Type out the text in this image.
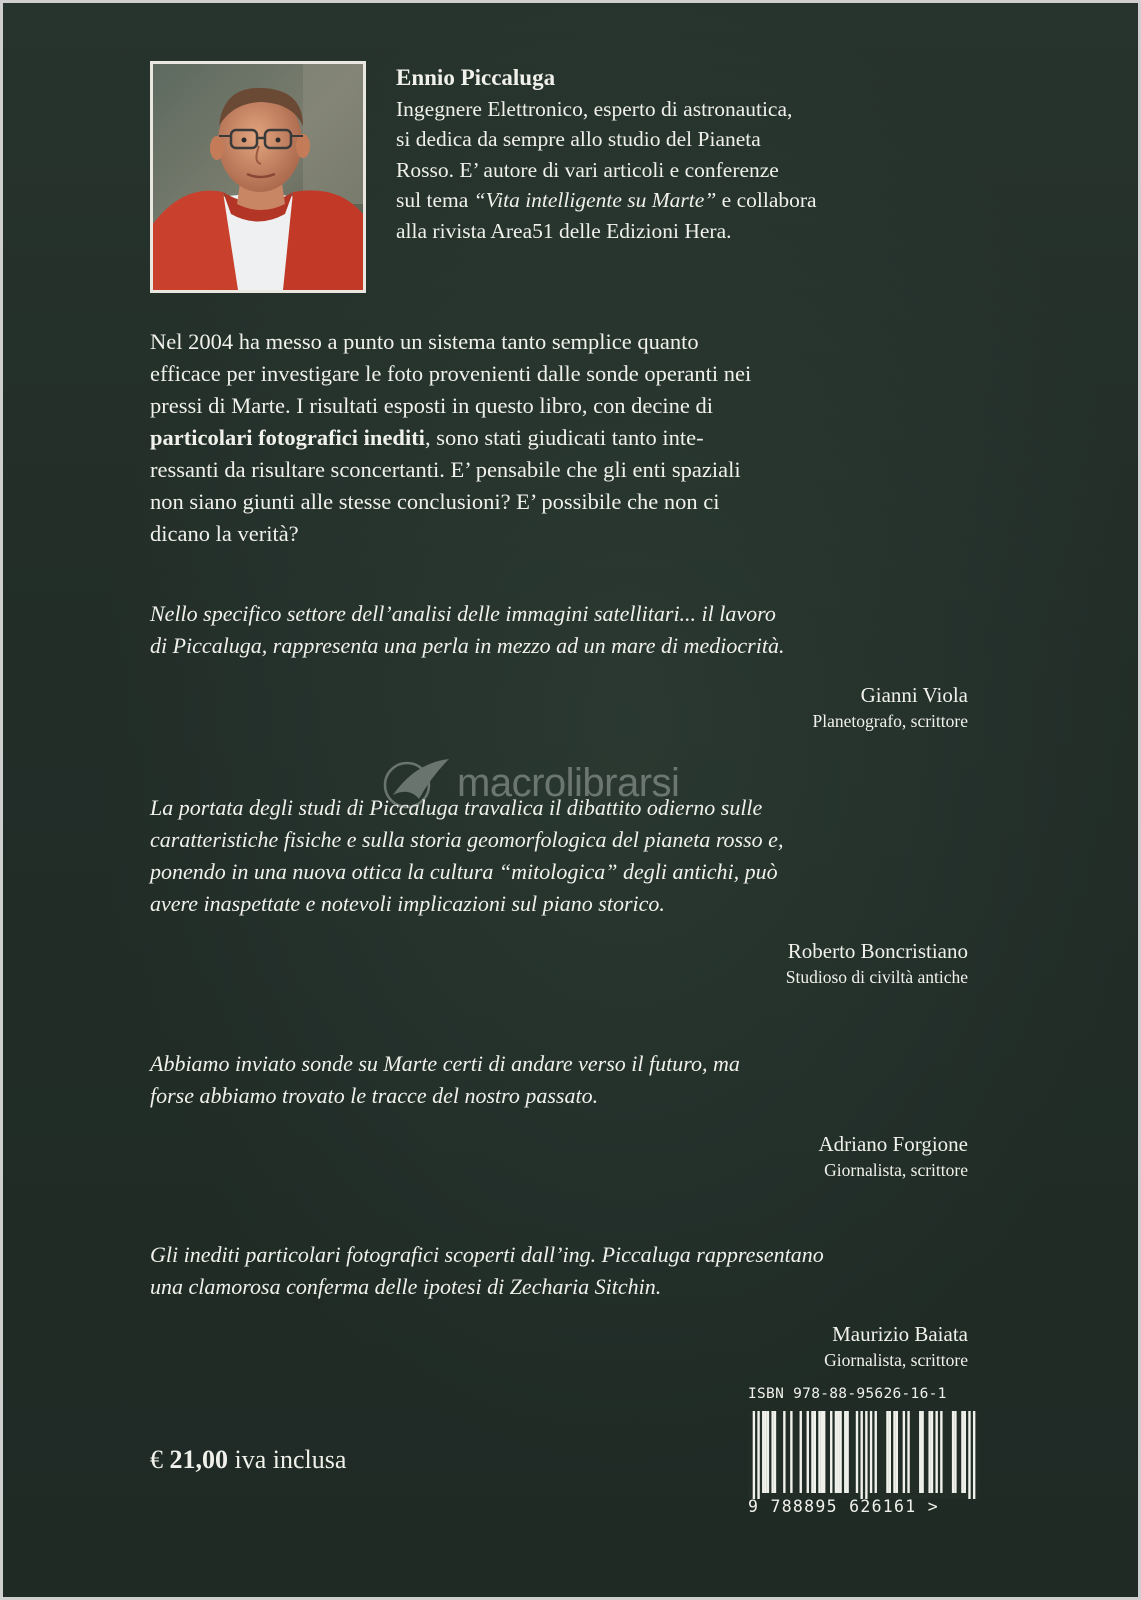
Ennio Piccaluga
Ingegnere Elettronico, esperto di astronautica,
si dedica da sempre allo studio del Pianeta
Rosso. E’ autore di vari articoli e conferenze
sul tema “Vita intelligente su Marte” e collabora
alla rivista Area51 delle Edizioni Hera.
Nel 2004 ha messo a punto un sistema tanto semplice quanto
efficace per investigare le foto provenienti dalle sonde operanti nei
pressi di Marte. I risultati esposti in questo libro, con decine di
particolari fotografici inediti, sono stati giudicati tanto inte-
ressanti da risultare sconcertanti. E’ pensabile che gli enti spaziali
non siano giunti alle stesse conclusioni? E’ possibile che non ci
dicano la verità?
Nello specifico settore dell’analisi delle immagini satellitari... il lavoro
di Piccaluga, rappresenta una perla in mezzo ad un mare di mediocrità.
Gianni Viola
Planetografo, scrittore
macrolibrarsi
La portata degli studi di Piccaluga travalica il dibattito odierno sulle
caratteristiche fisiche e sulla storia geomorfologica del pianeta rosso e,
ponendo in una nuova ottica la cultura “mitologica” degli antichi, può
avere inaspettate e notevoli implicazioni sul piano storico.
Roberto Boncristiano
Studioso di civiltà antiche
Abbiamo inviato sonde su Marte certi di andare verso il futuro, ma
forse abbiamo trovato le tracce del nostro passato.
Adriano Forgione
Giornalista, scrittore
Gli inediti particolari fotografici scoperti dall’ing. Piccaluga rappresentano
una clamorosa conferma delle ipotesi di Zecharia Sitchin.
Maurizio Baiata
Giornalista, scrittore
€ 21,00 iva inclusa
ISBN 978-88-95626-16-1
9 788895 626161 >
